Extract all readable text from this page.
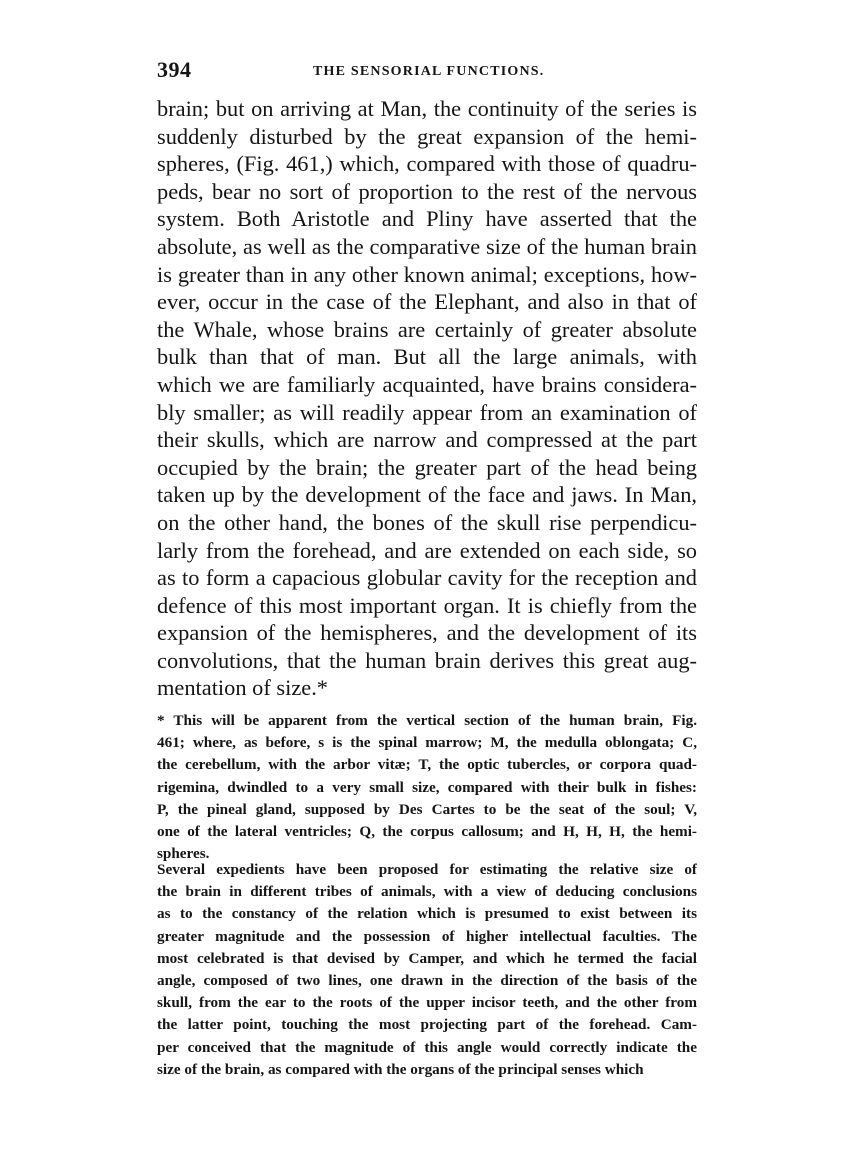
394	THE SENSORIAL FUNCTIONS.
brain; but on arriving at Man, the continuity of the series is
suddenly disturbed by the great expansion of the hemi-
spheres, (Fig. 461,) which, compared with those of quadru-
peds, bear no sort of proportion to the rest of the nervous
system. Both Aristotle and Pliny have asserted that the
absolute, as well as the comparative size of the human brain
is greater than in any other known animal; exceptions, how-
ever, occur in the case of the Elephant, and also in that of
the Whale, whose brains are certainly of greater absolute
bulk than that of man. But all the large animals, with
which we are familiarly acquainted, have brains considera-
bly smaller; as will readily appear from an examination of
their skulls, which are narrow and compressed at the part
occupied by the brain; the greater part of the head being
taken up by the development of the face and jaws. In Man,
on the other hand, the bones of the skull rise perpendicu-
larly from the forehead, and are extended on each side, so
as to form a capacious globular cavity for the reception and
defence of this most important organ. It is chiefly from the
expansion of the hemispheres, and the development of its
convolutions, that the human brain derives this great aug-
mentation of size.*
* This will be apparent from the vertical section of the human brain, Fig.
461; where, as before, s is the spinal marrow; M, the medulla oblongata; C,
the cerebellum, with the arbor vitæ; T, the optic tubercles, or corpora quad-
rigemina, dwindled to a very small size, compared with their bulk in fishes:
P, the pineal gland, supposed by Des Cartes to be the seat of the soul; V,
one of the lateral ventricles; Q, the corpus callosum; and H, H, H, the hemi-
spheres.
Several expedients have been proposed for estimating the relative size of
the brain in different tribes of animals, with a view of deducing conclusions
as to the constancy of the relation which is presumed to exist between its
greater magnitude and the possession of higher intellectual faculties. The
most celebrated is that devised by Camper, and which he termed the facial
angle, composed of two lines, one drawn in the direction of the basis of the
skull, from the ear to the roots of the upper incisor teeth, and the other from
the latter point, touching the most projecting part of the forehead. Cam-
per conceived that the magnitude of this angle would correctly indicate the
size of the brain, as compared with the organs of the principal senses which
